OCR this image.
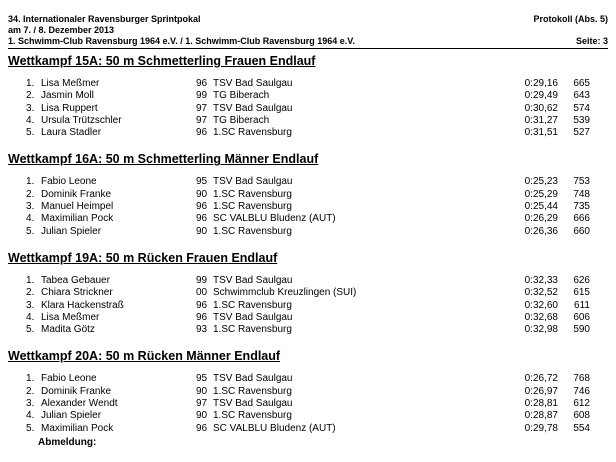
34. Internationaler Ravensburger Sprintpokal	Protokoll (Abs. 5)
am 7. / 8. Dezember 2013
1. Schwimm-Club Ravensburg 1964 e.V. / 1. Schwimm-Club Ravensburg 1964 e.V.	Seite: 3
Wettkampf 15A: 50 m Schmetterling Frauen Endlauf
1. Lisa Meßmer	96 TSV Bad Saulgau	0:29,16	665
2. Jasmin Moll	99 TG Biberach	0:29,49	643
3. Lisa Ruppert	97 TSV Bad Saulgau	0:30,62	574
4. Ursula Trützschler	97 TG Biberach	0:31,27	539
5. Laura Stadler	96 1.SC Ravensburg	0:31,51	527
Wettkampf 16A: 50 m Schmetterling Männer Endlauf
1. Fabio Leone	95 TSV Bad Saulgau	0:25,23	753
2. Dominik Franke	90 1.SC Ravensburg	0:25,29	748
3. Manuel Heimpel	96 1.SC Ravensburg	0:25,44	735
4. Maximilian Pock	96 SC VALBLU Bludenz (AUT)	0:26,29	666
5. Julian Spieler	90 1.SC Ravensburg	0:26,36	660
Wettkampf 19A: 50 m Rücken Frauen Endlauf
1. Tabea Gebauer	99 TSV Bad Saulgau	0:32,33	626
2. Chiara Strickner	00 Schwimmclub Kreuzlingen (SUI)	0:32,52	615
3. Klara Hackenstraß	96 1.SC Ravensburg	0:32,60	611
4. Lisa Meßmer	96 TSV Bad Saulgau	0:32,68	606
5. Madita Götz	93 1.SC Ravensburg	0:32,98	590
Wettkampf 20A: 50 m Rücken Männer Endlauf
1. Fabio Leone	95 TSV Bad Saulgau	0:26,72	768
2. Dominik Franke	90 1.SC Ravensburg	0:26,97	746
3. Alexander Wendt	97 TSV Bad Saulgau	0:28,81	612
4. Julian Spieler	90 1.SC Ravensburg	0:28,87	608
5. Maximilian Pock	96 SC VALBLU Bludenz (AUT)	0:29,78	554
Abmeldung:
